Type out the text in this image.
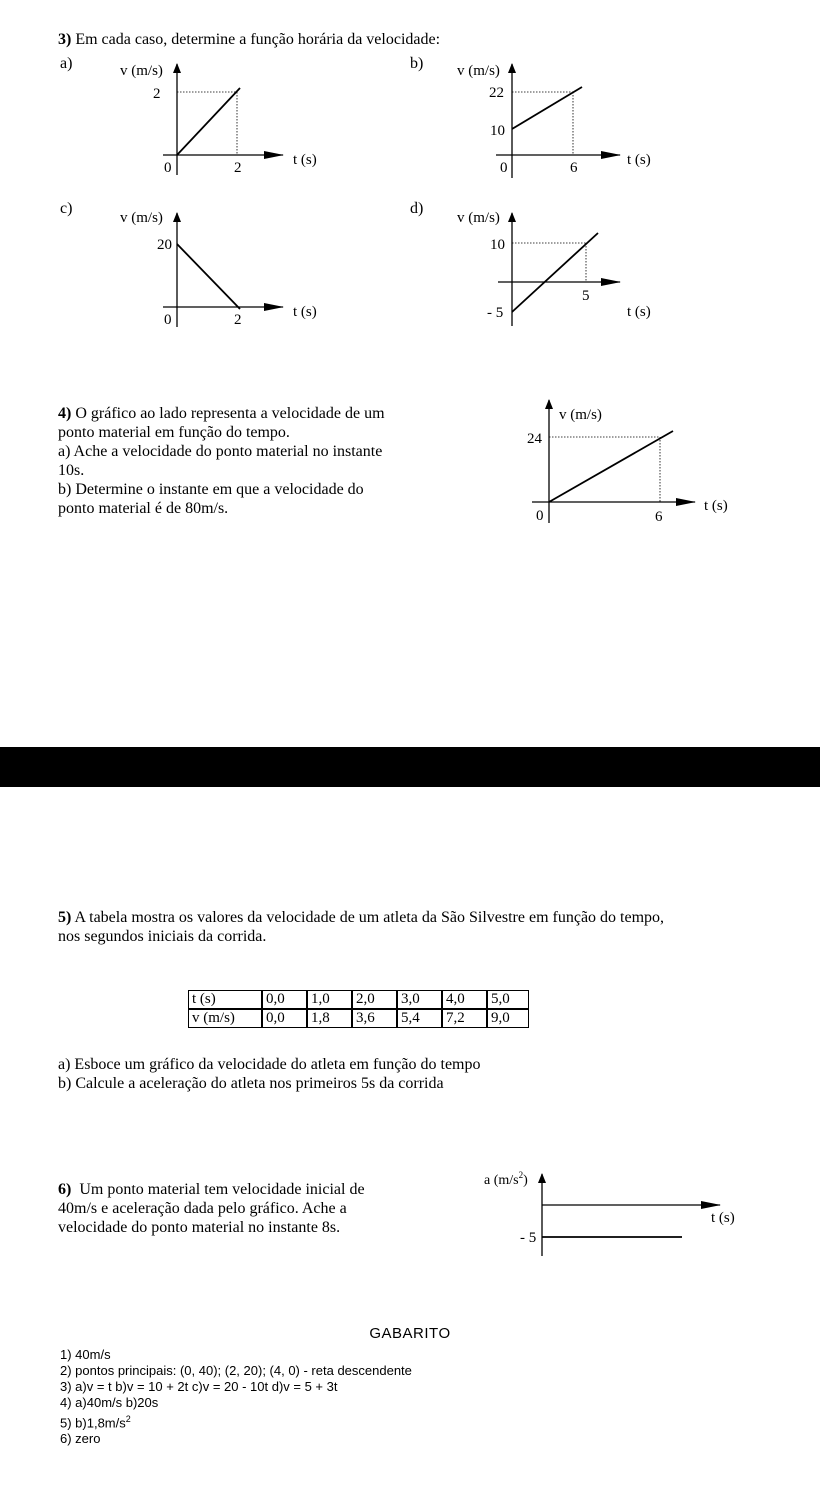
3) Em cada caso, determine a função horária da velocidade:
a)	v (m/s)
2
0	2	t (s)
b) v (m/s)
22
10
0	6	t (s)
c)
v (m/s)
20
0	2	t (s)
d)
v (m/s)
10
- 5
5
t (s)
4) O gráfico ao lado representa a velocidade de um
ponto material em função do tempo.
a) Ache a velocidade do ponto material no instante
10s.
b) Determine o instante em que a velocidade do
ponto material é de 80m/s.
v (m/s)
24
0	6
t (s)
5) A tabela mostra os valores da velocidade de um atleta da São Silvestre em função do tempo,
nos segundos iniciais da corrida.
t (s)	0,0	1,0	2,0	3,0	4,0	5,0
v (m/s)	0,0	1,8	3,6	5,4	7,2	9,0
a) Esboce um gráfico da velocidade do atleta em função do tempo
b) Calcule a aceleração do atleta nos primeiros 5s da corrida
6) Um ponto material tem velocidade inicial de
40m/s e aceleração dada pelo gráfico. Ache a
velocidade do ponto material no instante 8s.
a $(m/s^2)$
t (s)
- 5
GABARITO
1) 40m/s
2) pontos principais: (0, 40); (2, 20); (4, 0) - reta descendente
3) a)v = t b)v = 10 + 2t c)v = 20 - 10t d)v = 5 + 3t
4) a)40m/s b)20s
5) $b)1,8m/s^2$
6) zero
